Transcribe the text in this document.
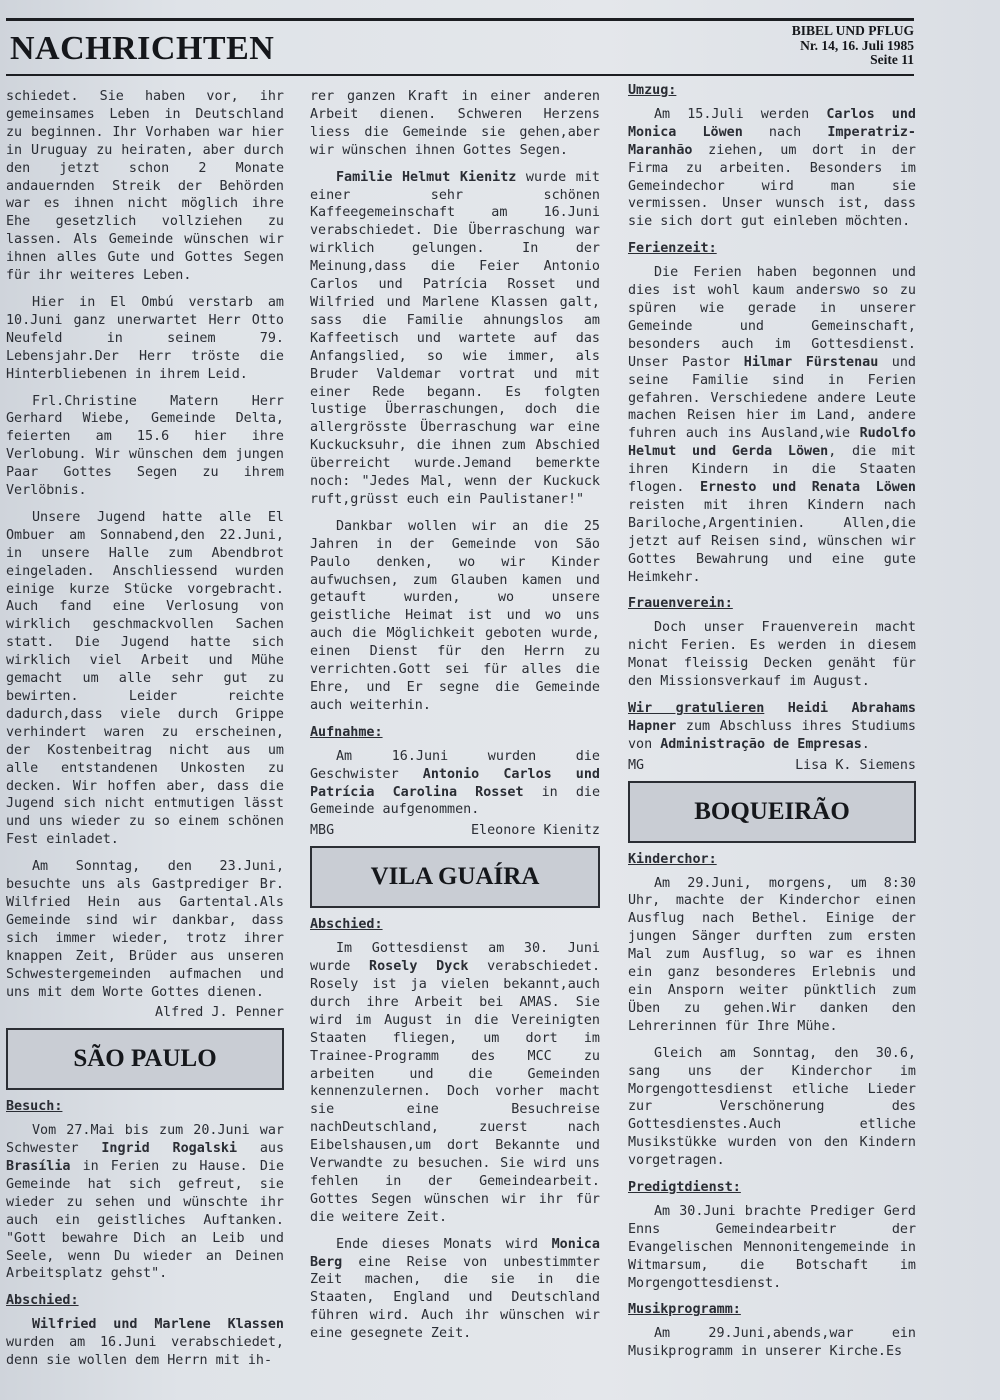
NACHRICHTEN	BIBEL UND PFLUG
Nr. 14, 16. Juli 1985
Seite 11

schiedet. Sie haben vor, ihr gemeinsames Leben in Deutschland zu beginnen. Ihr Vorhaben war hier in Uruguay zu heiraten, aber durch den jetzt schon 2 Monate andauernden Streik der Behörden war es ihnen nicht möglich ihre Ehe gesetzlich vollziehen zu lassen. Als Gemeinde wünschen wir ihnen alles Gute und Gottes Segen für ihr weiteres Leben.

Hier in El Ombú verstarb am 10.Juni ganz unerwartet Herr Otto Neufeld in seinem 79. Lebensjahr.Der Herr tröste die Hinterbliebenen in ihrem Leid.

Frl.Christine Matern Herr Gerhard Wiebe, Gemeinde Delta, feierten am 15.6 hier ihre Verlobung. Wir wünschen dem jungen Paar Gottes Segen zu ihrem Verlöbnis.

Unsere Jugend hatte alle El Ombuer am Sonnabend,den 22.Juni, in unsere Halle zum Abendbrot eingeladen. Anschliessend wurden einige kurze Stücke vorgebracht. Auch fand eine Verlosung von wirklich geschmackvollen Sachen statt. Die Jugend hatte sich wirklich viel Arbeit und Mühe gemacht um alle sehr gut zu bewirten. Leider reichte dadurch,dass viele durch Grippe verhindert waren zu erscheinen, der Kostenbeitrag nicht aus um alle entstandenen Unkosten zu decken. Wir hoffen aber, dass die Jugend sich nicht entmutigen lässt und uns wieder zu so einem schönen Fest einladet.

Am Sonntag, den 23.Juni, besuchte uns als Gastprediger Br. Wilfried Hein aus Gartental.Als Gemeinde sind wir dankbar, dass sich immer wieder, trotz ihrer knappen Zeit, Brüder aus unseren Schwestergemeinden aufmachen und uns mit dem Worte Gottes dienen.

Alfred J. Penner
SÃO PAULO
Besuch:

Vom 27.Mai bis zum 20.Juni war Schwester Ingrid Rogalski aus Brasília in Ferien zu Hause. Die Gemeinde hat sich gefreut, sie wieder zu sehen und wünschte ihr auch ein geistliches Auftanken. "Gott bewahre Dich an Leib und Seele, wenn Du wieder an Deinen Arbeitsplatz gehst".

Abschied:

Wilfried und Marlene Klassen wurden am 16.Juni verabschiedet, denn sie wollen dem Herrn mit ih-

rer ganzen Kraft in einer anderen Arbeit dienen. Schweren Herzens liess die Gemeinde sie gehen,aber wir wünschen ihnen Gottes Segen.

Familie Helmut Kienitz wurde mit einer sehr schönen Kaffeegemeinschaft am 16.Juni verabschiedet. Die Überraschung war wirklich gelungen. In der Meinung,dass die Feier Antonio Carlos und Patrícia Rosset und Wilfried und Marlene Klassen galt, sass die Familie ahnungslos am Kaffeetisch und wartete auf das Anfangslied, so wie immer, als Bruder Valdemar vortrat und mit einer Rede begann. Es folgten lustige Überraschungen, doch die allergrösste Überraschung war eine Kuckucksuhr, die ihnen zum Abschied überreicht wurde.Jemand bemerkte noch: "Jedes Mal, wenn der Kuckuck ruft,grüsst euch ein Paulistaner!"

Dankbar wollen wir an die 25 Jahren in der Gemeinde von São Paulo denken, wo wir Kinder aufwuchsen, zum Glauben kamen und getauft wurden, wo unsere geistliche Heimat ist und wo uns auch die Möglichkeit geboten wurde, einen Dienst für den Herrn zu verrichten.Gott sei für alles die Ehre, und Er segne die Gemeinde auch weiterhin.

Aufnahme:

Am 16.Juni wurden die Geschwister Antonio Carlos und Patrícia Carolina Rosset in die Gemeinde aufgenommen.

MBG	Eleonore Kienitz
VILA GUAÍRA
Abschied:

Im Gottesdienst am 30. Juni wurde Rosely Dyck verabschiedet. Rosely ist ja vielen bekannt,auch durch ihre Arbeit bei AMAS. Sie wird im August in die Vereinigten Staaten fliegen, um dort im Trainee-Programm des MCC zu arbeiten und die Gemeinden kennenzulernen. Doch vorher macht sie eine Besuchreise nachDeutschland, zuerst nach Eibelshausen,um dort Bekannte und Verwandte zu besuchen. Sie wird uns fehlen in der Gemeindearbeit. Gottes Segen wünschen wir ihr für die weitere Zeit.

Ende dieses Monats wird Monica Berg eine Reise von unbestimmter Zeit machen, die sie in die Staaten, England und Deutschland führen wird. Auch ihr wünschen wir eine gesegnete Zeit.

Umzug:

Am 15.Juli werden Carlos und Monica Löwen nach Imperatriz-Maranhão ziehen, um dort in der Firma zu arbeiten. Besonders im Gemeindechor wird man sie vermissen. Unser wunsch ist, dass sie sich dort gut einleben möchten.

Ferienzeit:

Die Ferien haben begonnen und dies ist wohl kaum anderswo so zu spüren wie gerade in unserer Gemeinde und Gemeinschaft, besonders auch im Gottesdienst. Unser Pastor Hilmar Fürstenau und seine Familie sind in Ferien gefahren. Verschiedene andere Leute machen Reisen hier im Land, andere fuhren auch ins Ausland,wie Rudolfo Helmut und Gerda Löwen, die mit ihren Kindern in die Staaten flogen. Ernesto und Renata Löwen reisten mit ihren Kindern nach Bariloche,Argentinien. Allen,die jetzt auf Reisen sind, wünschen wir Gottes Bewahrung und eine gute Heimkehr.

Frauenverein:

Doch unser Frauenverein macht nicht Ferien. Es werden in diesem Monat fleissig Decken genäht für den Missionsverkauf im August.

Wir gratulieren Heidi Abrahams Hapner zum Abschluss ihres Studiums von Administração de Empresas.

MG	Lisa K. Siemens
BOQUEIRÃO
Kinderchor:

Am 29.Juni, morgens, um 8:30 Uhr, machte der Kinderchor einen Ausflug nach Bethel. Einige der jungen Sänger durften zum ersten Mal zum Ausflug, so war es ihnen ein ganz besonderes Erlebnis und ein Ansporn weiter pünktlich zum Üben zu gehen.Wir danken den Lehrerinnen für Ihre Mühe.

Gleich am Sonntag, den 30.6, sang uns der Kinderchor im Morgengottesdienst etliche Lieder zur Verschönerung des Gottesdienstes.Auch etliche Musikstükke wurden von den Kindern vorgetragen.

Predigtdienst:

Am 30.Juni brachte Prediger Gerd Enns Gemeindearbeitr der Evangelischen Mennonitengemeinde in Witmarsum, die Botschaft im Morgengottesdienst.

Musikprogramm:

Am 29.Juni,abends,war ein Musikprogramm in unserer Kirche.Es
